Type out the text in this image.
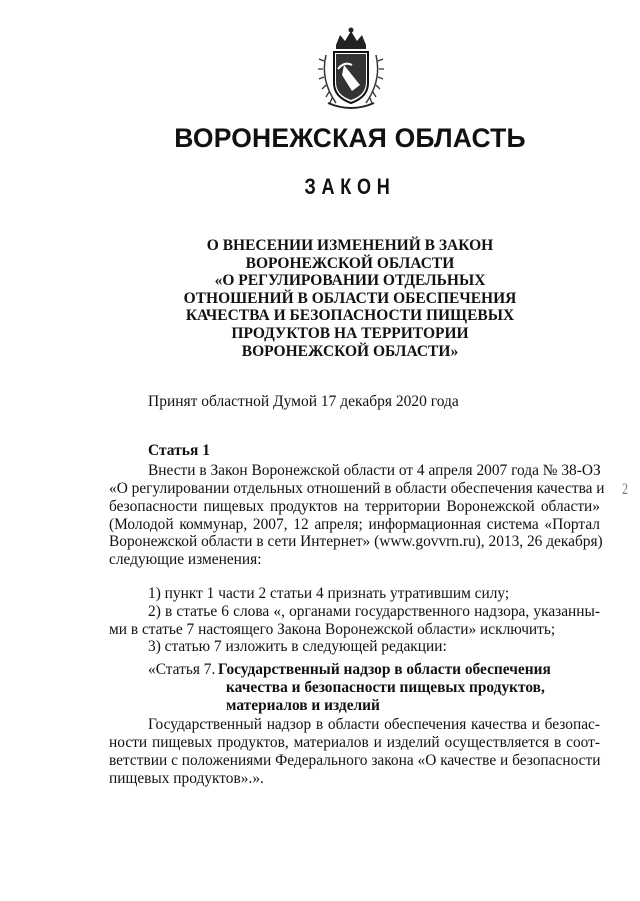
ВОРОНЕЖСКАЯ ОБЛАСТЬ
ЗАКОН
О ВНЕСЕНИИ ИЗМЕНЕНИЙ В ЗАКОН
ВОРОНЕЖСКОЙ ОБЛАСТИ
«О РЕГУЛИРОВАНИИ ОТДЕЛЬНЫХ
ОТНОШЕНИЙ В ОБЛАСТИ ОБЕСПЕЧЕНИЯ
КАЧЕСТВА И БЕЗОПАСНОСТИ ПИЩЕВЫХ
ПРОДУКТОВ НА ТЕРРИТОРИИ
ВОРОНЕЖСКОЙ ОБЛАСТИ»
Принят областной Думой 17 декабря 2020 года
Статья 1
Внести в Закон Воронежской области от 4 апреля 2007 года № 38-ОЗ
«О регулировании отдельных отношений в области обеспечения качества и
безопасности пищевых продуктов на территории Воронежской области»
(Молодой коммунар, 2007, 12 апреля; информационная система «Портал
Воронежской области в сети Интернет» (www.govvrn.ru), 2013, 26 декабря)
следующие изменения:
1) пункт 1 части 2 статьи 4 признать утратившим силу;
2) в статье 6 слова «, органами государственного надзора, указанны-
ми в статье 7 настоящего Закона Воронежской области» исключить;
3) статью 7 изложить в следующей редакции:
«Статья 7. Государственный надзор в области обеспечения
качества и безопасности пищевых продуктов,
материалов и изделий
Государственный надзор в области обеспечения качества и безопас-
ности пищевых продуктов, материалов и изделий осуществляется в соот-
ветствии с положениями Федерального закона «О качестве и безопасности
пищевых продуктов».».
2
